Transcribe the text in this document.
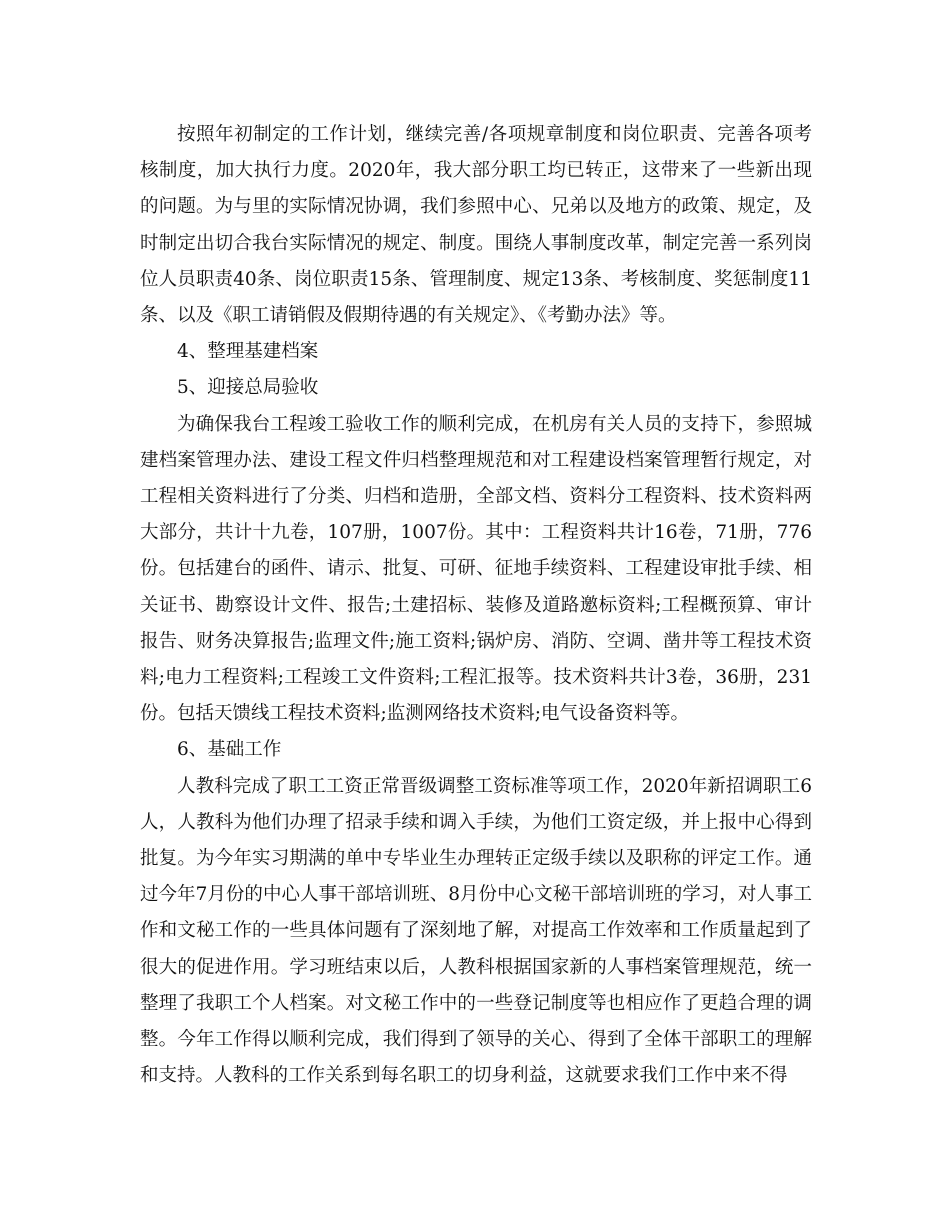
按照年初制定的工作计划，继续完善/各项规章制度和岗位职责、完善各项考核制度，加大执行力度。2020年，我大部分职工均已转正，这带来了一些新出现的问题。为与里的实际情况协调，我们参照中心、兄弟以及地方的政策、规定，及时制定出切合我台实际情况的规定、制度。围绕人事制度改革，制定完善一系列岗位人员职责40条、岗位职责15条、管理制度、规定13条、考核制度、奖惩制度11条、以及《职工请销假及假期待遇的有关规定》、《考勤办法》等。

4、整理基建档案

5、迎接总局验收

为确保我台工程竣工验收工作的顺利完成，在机房有关人员的支持下，参照城建档案管理办法、建设工程文件归档整理规范和对工程建设档案管理暂行规定，对工程相关资料进行了分类、归档和造册，全部文档、资料分工程资料、技术资料两大部分，共计十九卷，107册，1007份。其中：工程资料共计16卷，71册，776份。包括建台的函件、请示、批复、可研、征地手续资料、工程建设审批手续、相关证书、勘察设计文件、报告;土建招标、装修及道路邀标资料;工程概预算、审计报告、财务决算报告;监理文件;施工资料;锅炉房、消防、空调、凿井等工程技术资料;电力工程资料;工程竣工文件资料;工程汇报等。技术资料共计3卷，36册，231份。包括天馈线工程技术资料;监测网络技术资料;电气设备资料等。

6、基础工作

人教科完成了职工工资正常晋级调整工资标准等项工作，2020年新招调职工6人，人教科为他们办理了招录手续和调入手续，为他们工资定级，并上报中心得到批复。为今年实习期满的单中专毕业生办理转正定级手续以及职称的评定工作。通过今年7月份的中心人事干部培训班、8月份中心文秘干部培训班的学习，对人事工作和文秘工作的一些具体问题有了深刻地了解，对提高工作效率和工作质量起到了很大的促进作用。学习班结束以后，人教科根据国家新的人事档案管理规范，统一整理了我职工个人档案。对文秘工作中的一些登记制度等也相应作了更趋合理的调整。今年工作得以顺利完成，我们得到了领导的关心、得到了全体干部职工的理解和支持。人教科的工作关系到每名职工的切身利益，这就要求我们工作中来不得
